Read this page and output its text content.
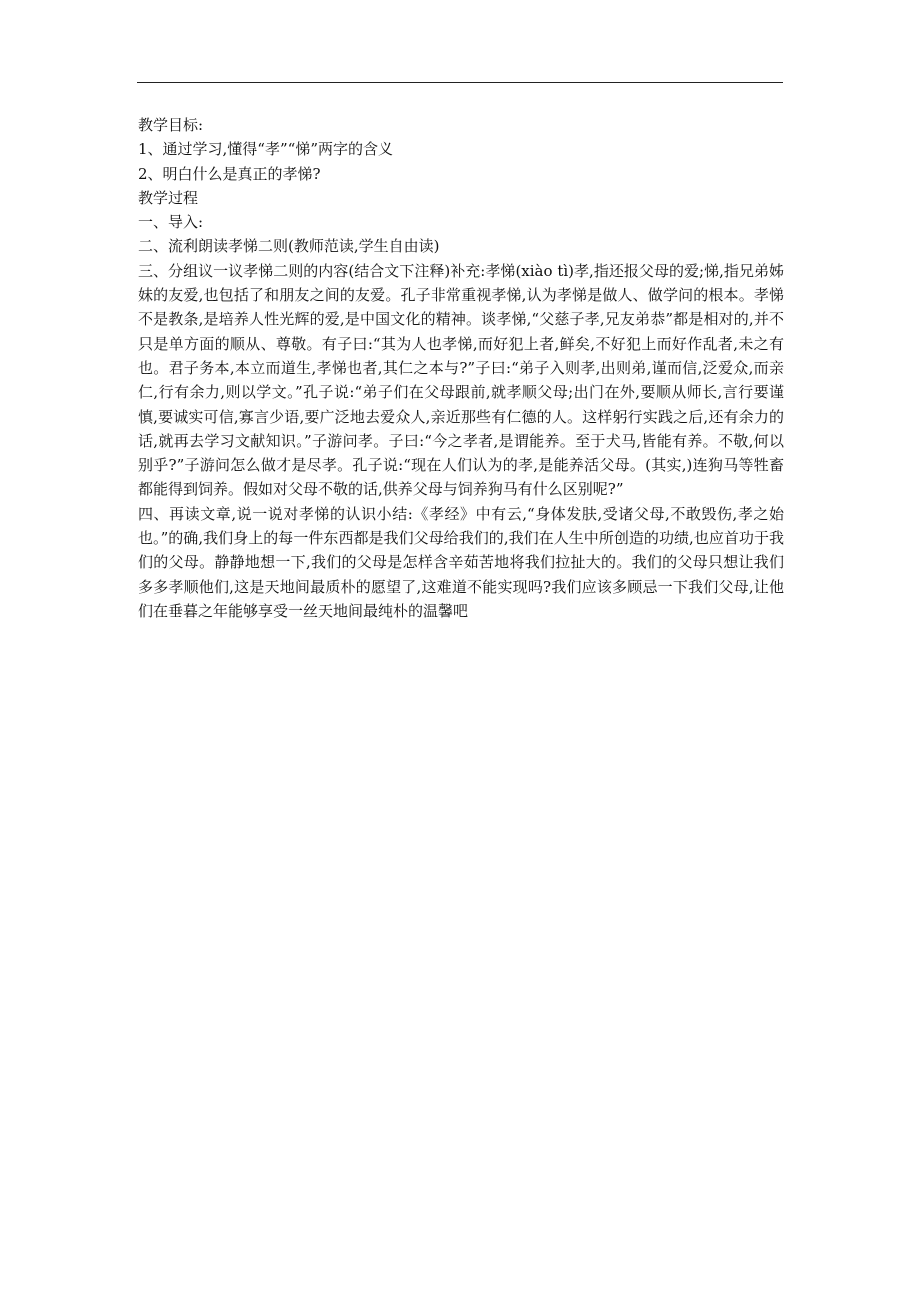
教学目标:

1、通过学习,懂得“孝”“悌”两字的含义

2、明白什么是真正的孝悌?

教学过程

一、导入:

二、流利朗读孝悌二则(教师范读,学生自由读)

三、分组议一议孝悌二则的内容(结合文下注释)补充:孝悌(xiào tì)孝,指还报父母的爱;悌,指兄弟姊妹的友爱,也包括了和朋友之间的友爱。孔子非常重视孝悌,认为孝悌是做人、做学问的根本。孝悌不是教条,是培养人性光辉的爱,是中国文化的精神。谈孝悌,“父慈子孝,兄友弟恭”都是相对的,并不只是单方面的顺从、尊敬。有子曰:“其为人也孝悌,而好犯上者,鲜矣,不好犯上而好作乱者,未之有也。君子务本,本立而道生,孝悌也者,其仁之本与?”子曰:“弟子入则孝,出则弟,谨而信,泛爱众,而亲仁,行有余力,则以学文。”孔子说:“弟子们在父母跟前,就孝顺父母;出门在外,要顺从师长,言行要谨慎,要诚实可信,寡言少语,要广泛地去爱众人,亲近那些有仁德的人。这样躬行实践之后,还有余力的话,就再去学习文献知识。”子游问孝。子曰:“今之孝者,是谓能养。至于犬马,皆能有养。不敬,何以别乎?”子游问怎么做才是尽孝。孔子说:“现在人们认为的孝,是能养活父母。(其实,)连狗马等牲畜都能得到饲养。假如对父母不敬的话,供养父母与饲养狗马有什么区别呢?”

四、再读文章,说一说对孝悌的认识小结:《孝经》中有云,“身体发肤,受诸父母,不敢毁伤,孝之始也。”的确,我们身上的每一件东西都是我们父母给我们的,我们在人生中所创造的功绩,也应首功于我们的父母。静静地想一下,我们的父母是怎样含辛茹苦地将我们拉扯大的。我们的父母只想让我们多多孝顺他们,这是天地间最质朴的愿望了,这难道不能实现吗?我们应该多顾忌一下我们父母,让他们在垂暮之年能够享受一丝天地间最纯朴的温馨吧
